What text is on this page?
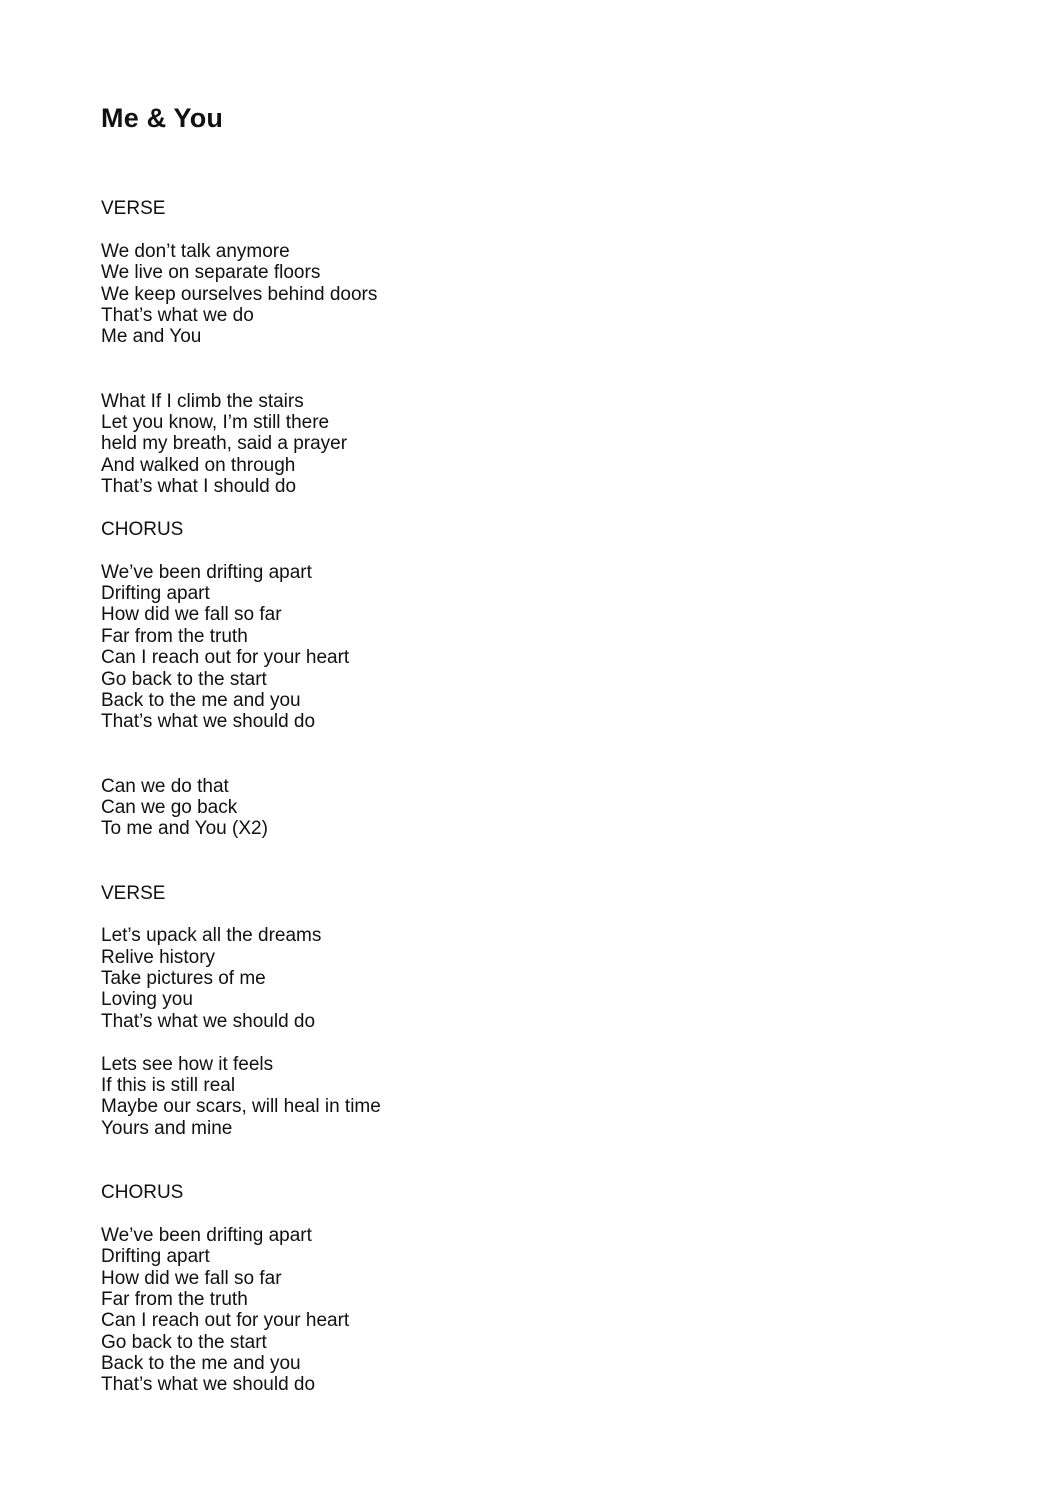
Me & You
VERSE
We don’t talk anymore
We live on separate floors
We keep ourselves behind doors
That’s what we do
Me and You
What If I climb the stairs
Let you know, I’m still there
held my breath, said a prayer
And walked on through
That’s what I should do
CHORUS
We’ve been drifting apart
Drifting apart
How did we fall so far
Far from the truth
Can I reach out for your heart
Go back to the start
Back to the me and you
That’s what we should do
Can we do that
Can we go back
To me and You (X2)
VERSE
Let’s upack all the dreams
Relive history
Take pictures of me
Loving you
That’s what we should do
Lets see how it feels
If this is still real
Maybe our scars, will heal in time
Yours and mine
CHORUS
We’ve been drifting apart
Drifting apart
How did we fall so far
Far from the truth
Can I reach out for your heart
Go back to the start
Back to the me and you
That’s what we should do
